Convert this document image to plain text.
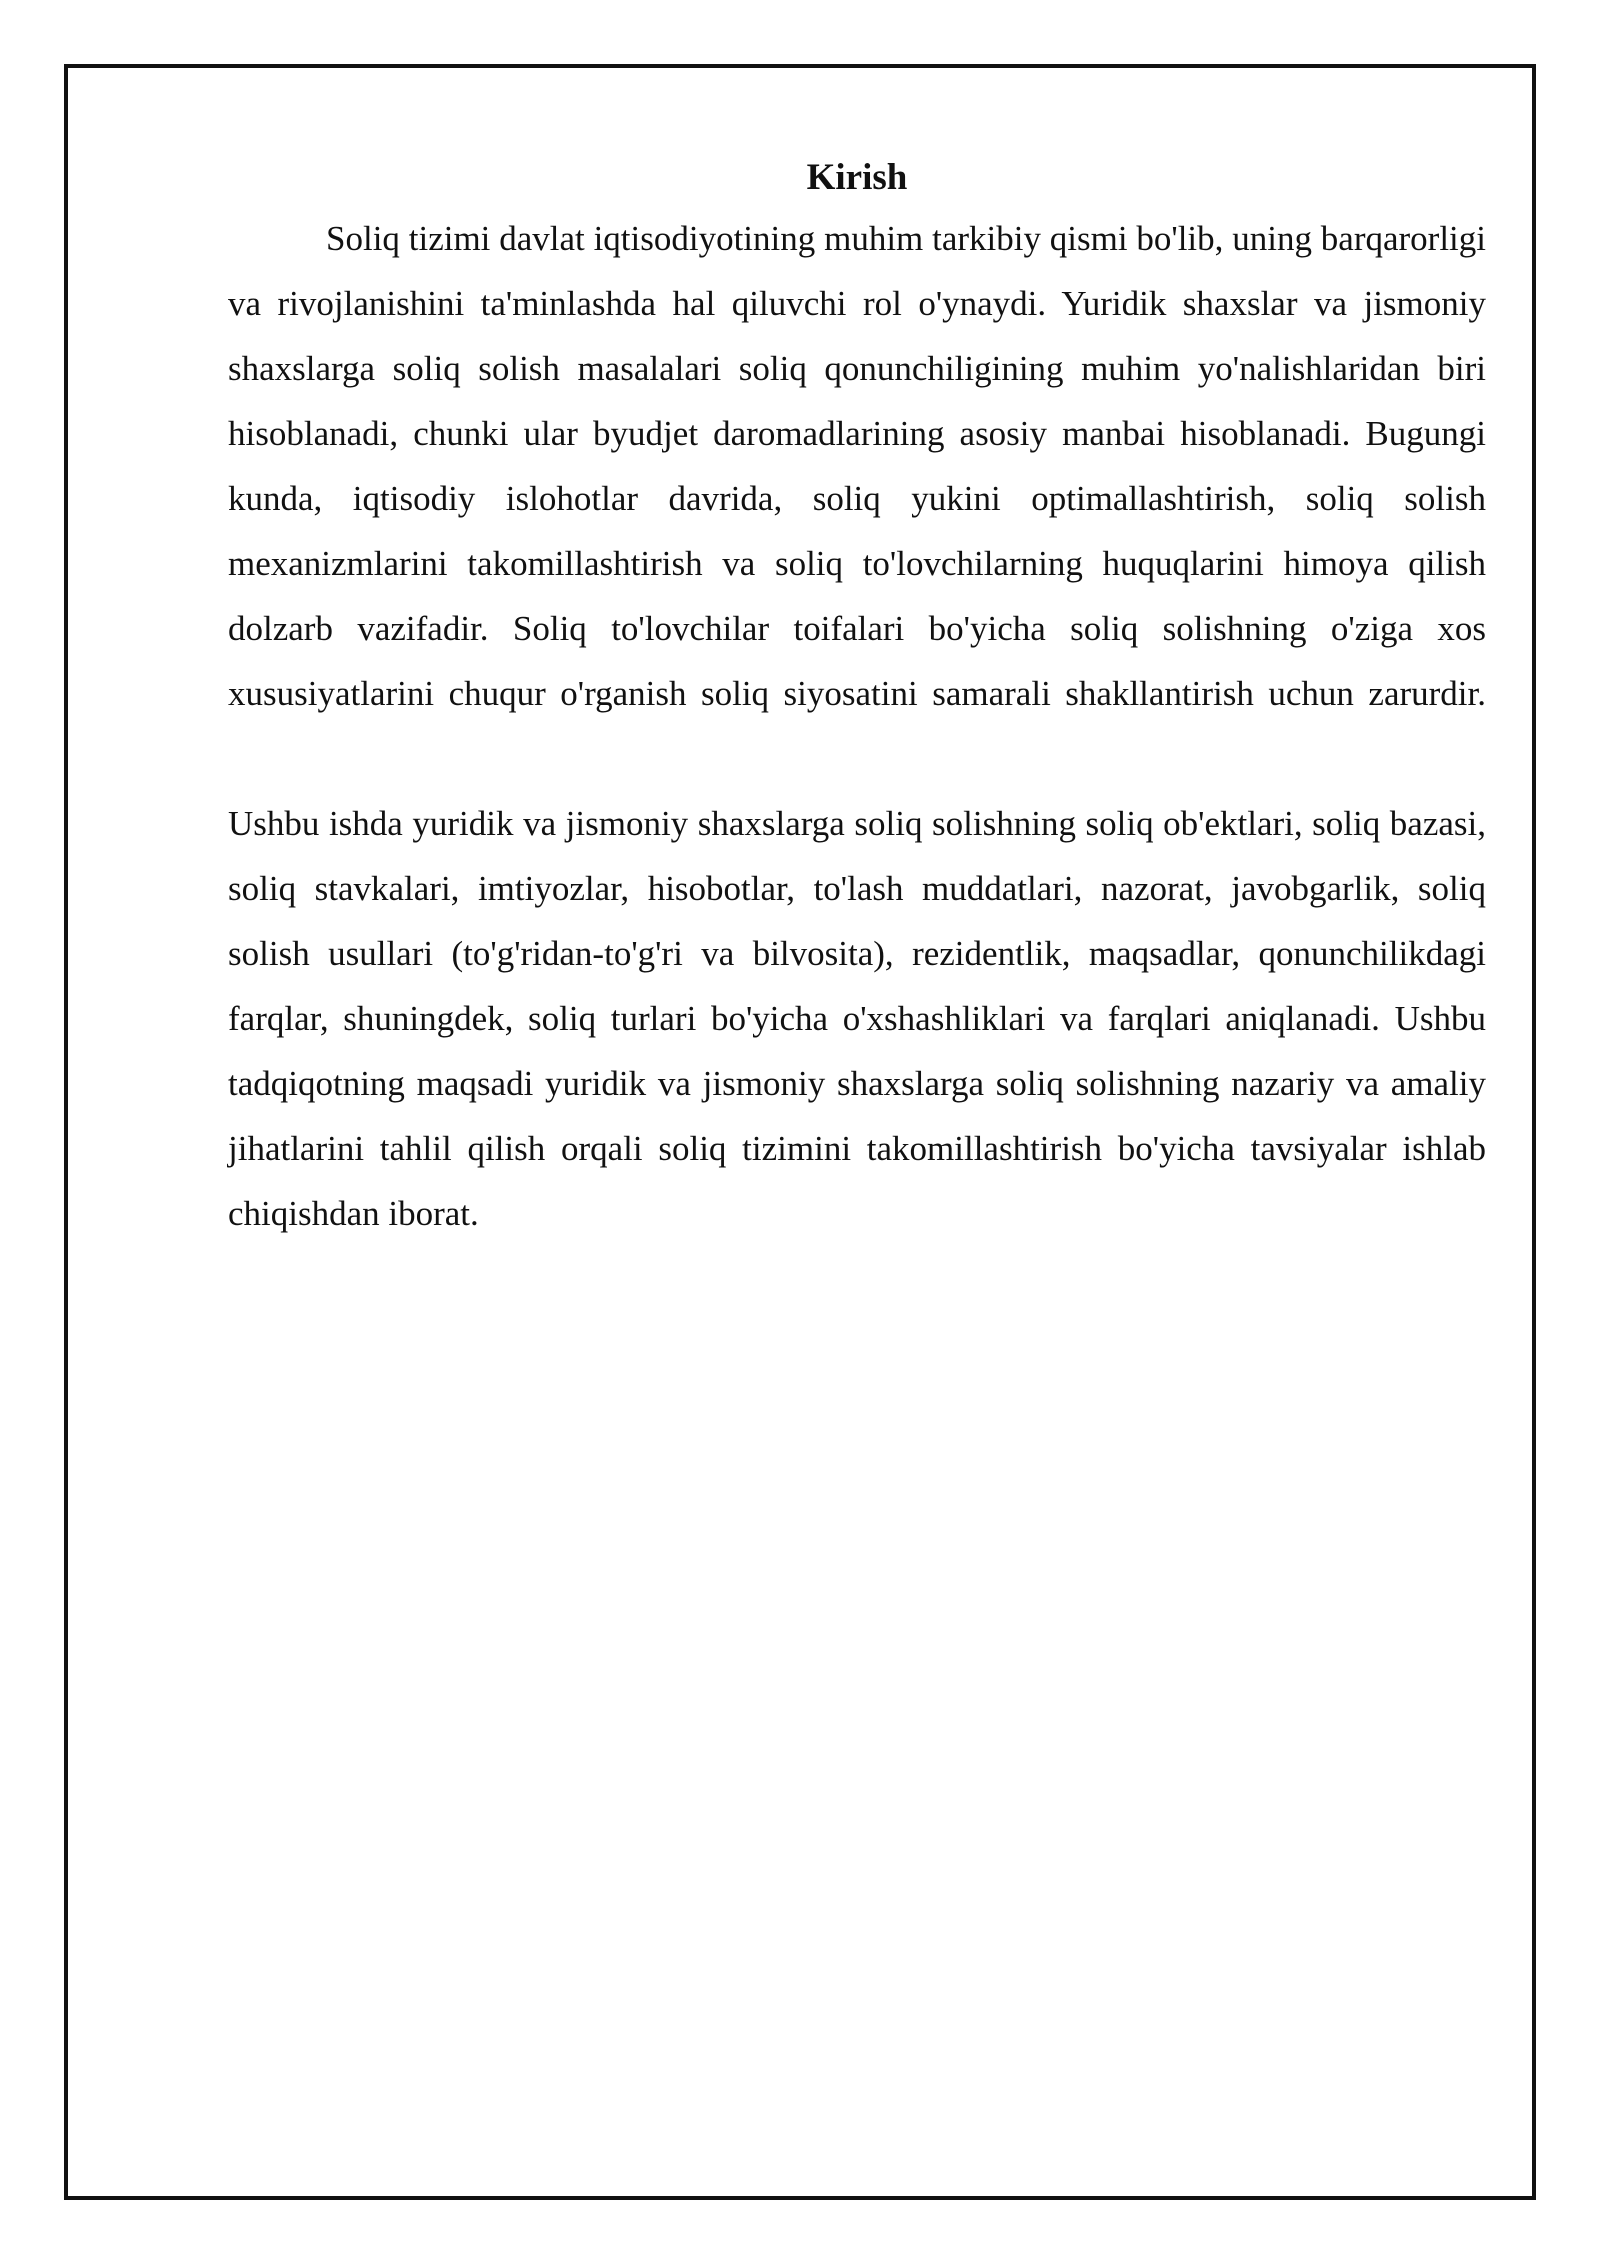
Kirish

Soliq tizimi davlat iqtisodiyotining muhim tarkibiy qismi bo'lib, uning barqarorligi va rivojlanishini ta'minlashda hal qiluvchi rol o'ynaydi. Yuridik shaxslar va jismoniy shaxslarga soliq solish masalalari soliq qonunchiligining muhim yo'nalishlaridan biri hisoblanadi, chunki ular byudjet daromadlarining asosiy manbai hisoblanadi. Bugungi kunda, iqtisodiy islohotlar davrida, soliq yukini optimallashtirish, soliq solish mexanizmlarini takomillashtirish va soliq to'lovchilarning huquqlarini himoya qilish dolzarb vazifadir. Soliq to'lovchilar toifalari bo'yicha soliq solishning o'ziga xos xususiyatlarini chuqur o'rganish soliq siyosatini samarali shakllantirish uchun zarurdir.

Ushbu ishda yuridik va jismoniy shaxslarga soliq solishning soliq ob'ektlari, soliq bazasi, soliq stavkalari, imtiyozlar, hisobotlar, to'lash muddatlari, nazorat, javobgarlik, soliq solish usullari (to'g'ridan-to'g'ri va bilvosita), rezidentlik, maqsadlar, qonunchilikdagi farqlar, shuningdek, soliq turlari bo'yicha o'xshashliklari va farqlari aniqlanadi. Ushbu tadqiqotning maqsadi yuridik va jismoniy shaxslarga soliq solishning nazariy va amaliy jihatlarini tahlil qilish orqali soliq tizimini takomillashtirish bo'yicha tavsiyalar ishlab chiqishdan iborat.
